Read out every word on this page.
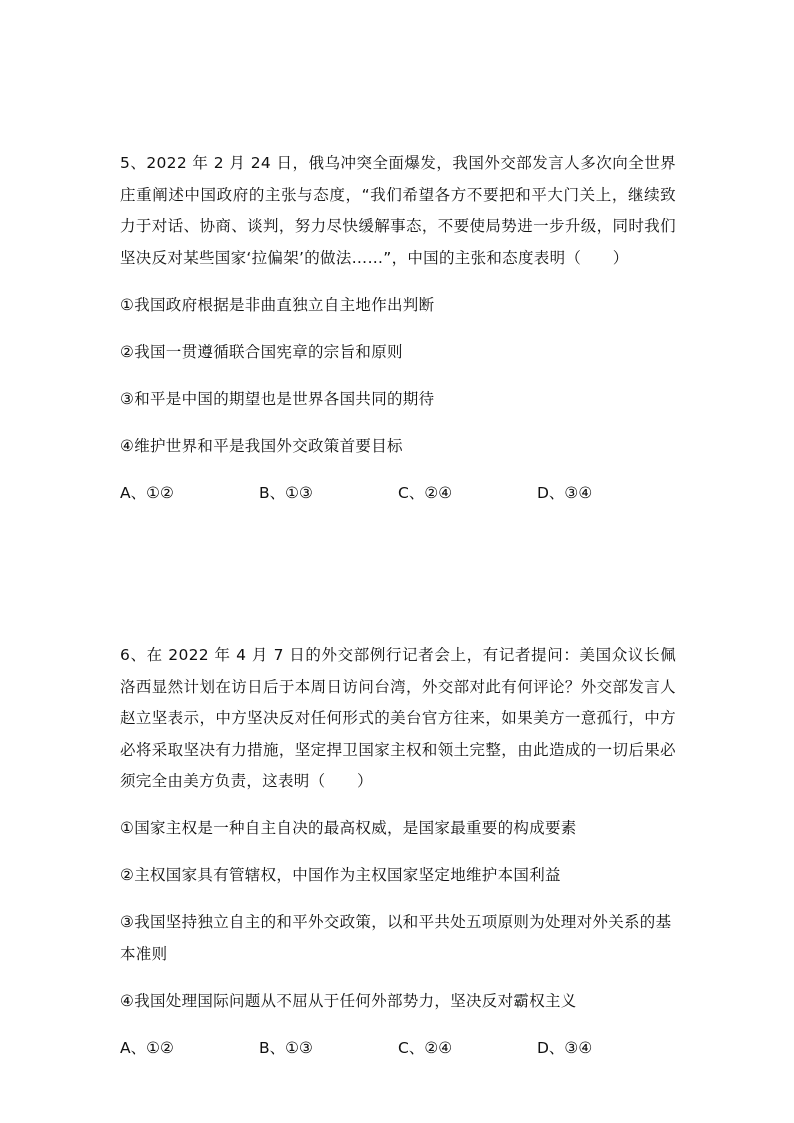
5、2022 年 2 月 24 日，俄乌冲突全面爆发，我国外交部发言人多次向全世界庄重阐述中国政府的主张与态度，“我们希望各方不要把和平大门关上，继续致力于对话、协商、谈判，努力尽快缓解事态，不要使局势进一步升级，同时我们坚决反对某些国家‘拉偏架’的做法……”，中国的主张和态度表明（　　）

①我国政府根据是非曲直独立自主地作出判断

②我国一贯遵循联合国宪章的宗旨和原则

③和平是中国的期望也是世界各国共同的期待

④维护世界和平是我国外交政策首要目标

A、①②	B、①③	C、②④	D、③④

6、在 2022 年 4 月 7 日的外交部例行记者会上，有记者提问：美国众议长佩洛西显然计划在访日后于本周日访问台湾，外交部对此有何评论？外交部发言人赵立坚表示，中方坚决反对任何形式的美台官方往来，如果美方一意孤行，中方必将采取坚决有力措施，坚定捍卫国家主权和领土完整，由此造成的一切后果必须完全由美方负责，这表明（　　）

①国家主权是一种自主自决的最高权威，是国家最重要的构成要素

②主权国家具有管辖权，中国作为主权国家坚定地维护本国利益

③我国坚持独立自主的和平外交政策，以和平共处五项原则为处理对外关系的基本准则

④我国处理国际问题从不屈从于任何外部势力，坚决反对霸权主义

A、①②	B、①③	C、②④	D、③④
